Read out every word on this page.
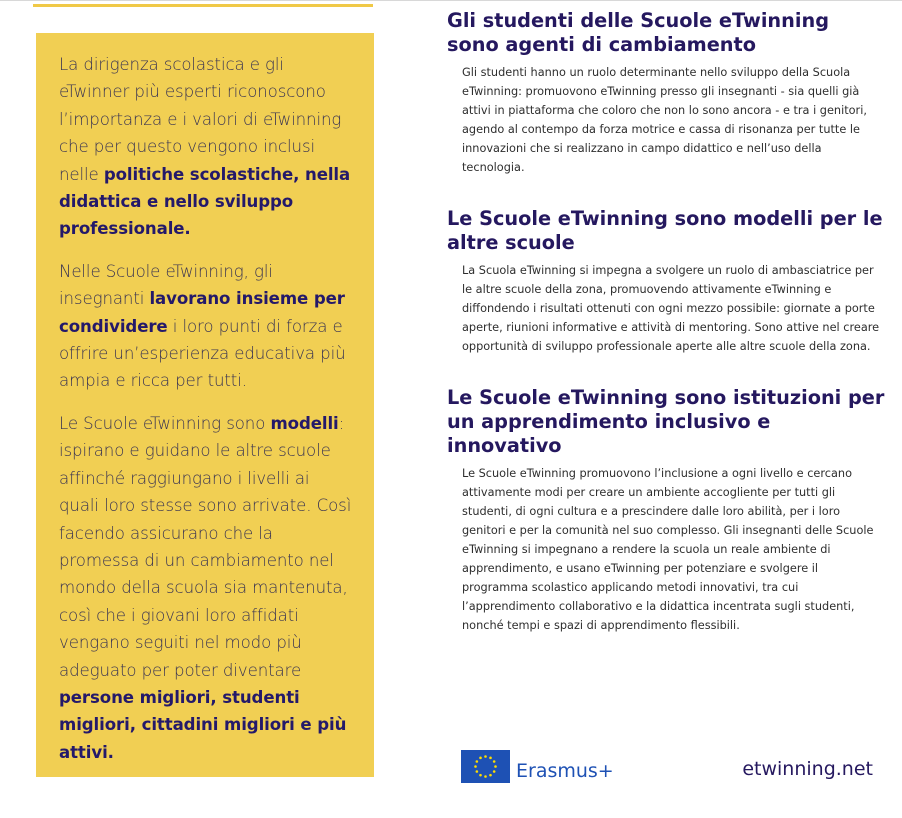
La dirigenza scolastica e gli eTwinner più esperti riconoscono l’importanza e i valori di eTwinning che per questo vengono inclusi nelle politiche scolastiche, nella didattica e nello sviluppo professionale.

Nelle Scuole eTwinning, gli insegnanti lavorano insieme per condividere i loro punti di forza e offrire un’esperienza educativa più ampia e ricca per tutti.

Le Scuole eTwinning sono modelli: ispirano e guidano le altre scuole affinché raggiungano i livelli ai quali loro stesse sono arrivate. Così facendo assicurano che la promessa di un cambiamento nel mondo della scuola sia mantenuta, così che i giovani loro affidati vengano seguiti nel modo più adeguato per poter diventare persone migliori, studenti migliori, cittadini migliori e più attivi.

Gli studenti delle Scuole eTwinning sono agenti di cambiamento

Gli studenti hanno un ruolo determinante nello sviluppo della Scuola eTwinning: promuovono eTwinning presso gli insegnanti - sia quelli già attivi in piattaforma che coloro che non lo sono ancora - e tra i genitori, agendo al contempo da forza motrice e cassa di risonanza per tutte le innovazioni che si realizzano in campo didattico e nell’uso della tecnologia.

Le Scuole eTwinning sono modelli per le altre scuole

La Scuola eTwinning si impegna a svolgere un ruolo di ambasciatrice per le altre scuole della zona, promuovendo attivamente eTwinning e diffondendo i risultati ottenuti con ogni mezzo possibile: giornate a porte aperte, riunioni informative e attività di mentoring. Sono attive nel creare opportunità di sviluppo professionale aperte alle altre scuole della zona.

Le Scuole eTwinning sono istituzioni per un apprendimento inclusivo e innovativo

Le Scuole eTwinning promuovono l’inclusione a ogni livello e cercano attivamente modi per creare un ambiente accogliente per tutti gli studenti, di ogni cultura e a prescindere dalle loro abilità, per i loro genitori e per la comunità nel suo complesso. Gli insegnanti delle Scuole eTwinning si impegnano a rendere la scuola un reale ambiente di apprendimento, e usano eTwinning per potenziare e svolgere il programma scolastico applicando metodi innovativi, tra cui l’apprendimento collaborativo e la didattica incentrata sugli studenti, nonché tempi e spazi di apprendimento flessibili.

Erasmus+	etwinning.net
